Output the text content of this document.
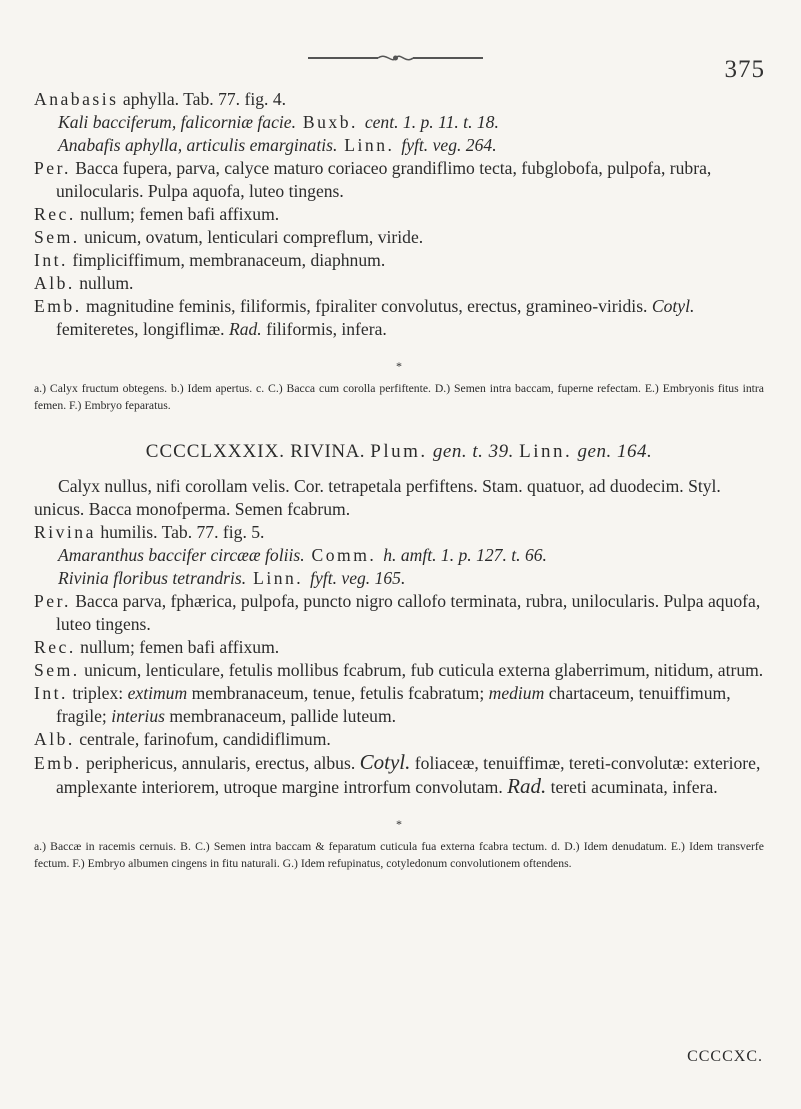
375

Anabasis aphylla. Tab. 77. fig. 4.

Kali bacciferum, falicorniæ facie. Buxb. cent. 1. p. 11. t. 18.

Anabafis aphylla, articulis emarginatis. Linn. fyft. veg. 264.

Per. Bacca fupera, parva, calyce maturo coriaceo grandiflimo tecta, fubglobofa, pulpofa, rubra, unilocularis. Pulpa aquofa, luteo tingens.

Rec. nullum; femen bafi affixum.

Sem. unicum, ovatum, lenticulari compreflum, viride.

Int. fimpliciffimum, membranaceum, diaphnum.

Alb. nullum.

Emb. magnitudine feminis, filiformis, fpiraliter convolutus, erectus, gramineo-viridis. Cotyl. femiteretes, longiflimæ. Rad. filiformis, infera.

*

a.) Calyx fructum obtegens. b.) Idem apertus. c. C.) Bacca cum corolla perfiftente. D.) Semen intra baccam, fuperne refectam. E.) Embryonis fitus intra femen. F.) Embryo feparatus.

CCCCLXXXIX. RIVINA. Plum. gen. t. 39. Linn. gen. 164.

Calyx nullus, nifi corollam velis. Cor. tetrapetala perfiftens. Stam. quatuor, ad duodecim. Styl. unicus. Bacca monofperma. Semen fcabrum.

Rivina humilis. Tab. 77. fig. 5.

Amaranthus baccifer circææ foliis. Comm. h. amft. 1. p. 127. t. 66.

Rivinia floribus tetrandris. Linn. fyft. veg. 165.

Per. Bacca parva, fphærica, pulpofa, puncto nigro callofo terminata, rubra, unilocularis. Pulpa aquofa, luteo tingens.

Rec. nullum; femen bafi affixum.

Sem. unicum, lenticulare, fetulis mollibus fcabrum, fub cuticula externa glaberrimum, nitidum, atrum.

Int. triplex: extimum membranaceum, tenue, fetulis fcabratum; medium chartaceum, tenuiffimum, fragile; interius membranaceum, pallide luteum.

Alb. centrale, farinofum, candidiflimum.

Emb. periphericus, annularis, erectus, albus. Cotyl. foliaceæ, tenuiffimæ, tereti-convolutæ: exteriore, amplexante interiorem, utroque margine introrfum convolutam. Rad. tereti acuminata, infera.

*

a.) Baccæ in racemis cernuis. B. C.) Semen intra baccam & feparatum cuticula fua externa fcabra tectum. d. D.) Idem denudatum. E.) Idem transverfe fectum. F.) Embryo albumen cingens in fitu naturali. G.) Idem refupinatus, cotyledonum convolutionem oftendens.

CCCCXC.
